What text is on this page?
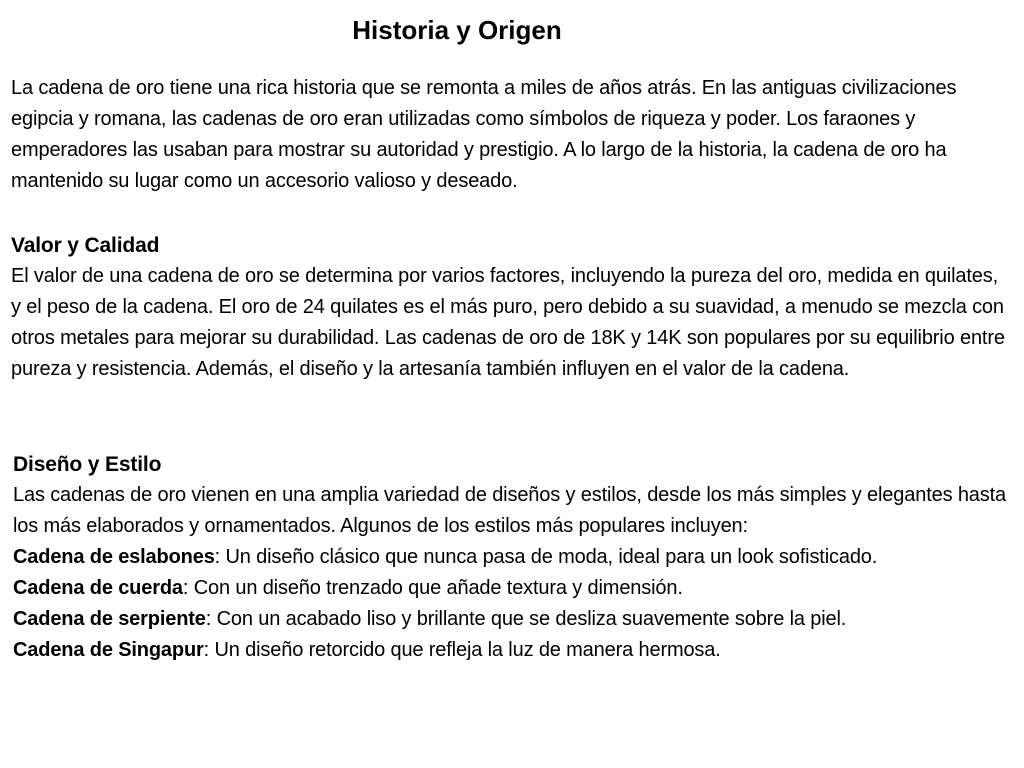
Historia y Origen

La cadena de oro tiene una rica historia que se remonta a miles de años atrás. En las antiguas civilizaciones egipcia y romana, las cadenas de oro eran utilizadas como símbolos de riqueza y poder. Los faraones y emperadores las usaban para mostrar su autoridad y prestigio. A lo largo de la historia, la cadena de oro ha mantenido su lugar como un accesorio valioso y deseado.

Valor y Calidad

El valor de una cadena de oro se determina por varios factores, incluyendo la pureza del oro, medida en quilates, y el peso de la cadena. El oro de 24 quilates es el más puro, pero debido a su suavidad, a menudo se mezcla con otros metales para mejorar su durabilidad. Las cadenas de oro de 18K y 14K son populares por su equilibrio entre pureza y resistencia. Además, el diseño y la artesanía también influyen en el valor de la cadena.

Diseño y Estilo

Las cadenas de oro vienen en una amplia variedad de diseños y estilos, desde los más simples y elegantes hasta los más elaborados y ornamentados. Algunos de los estilos más populares incluyen:

Cadena de eslabones: Un diseño clásico que nunca pasa de moda, ideal para un look sofisticado.

Cadena de cuerda: Con un diseño trenzado que añade textura y dimensión.

Cadena de serpiente: Con un acabado liso y brillante que se desliza suavemente sobre la piel.

Cadena de Singapur: Un diseño retorcido que refleja la luz de manera hermosa.
